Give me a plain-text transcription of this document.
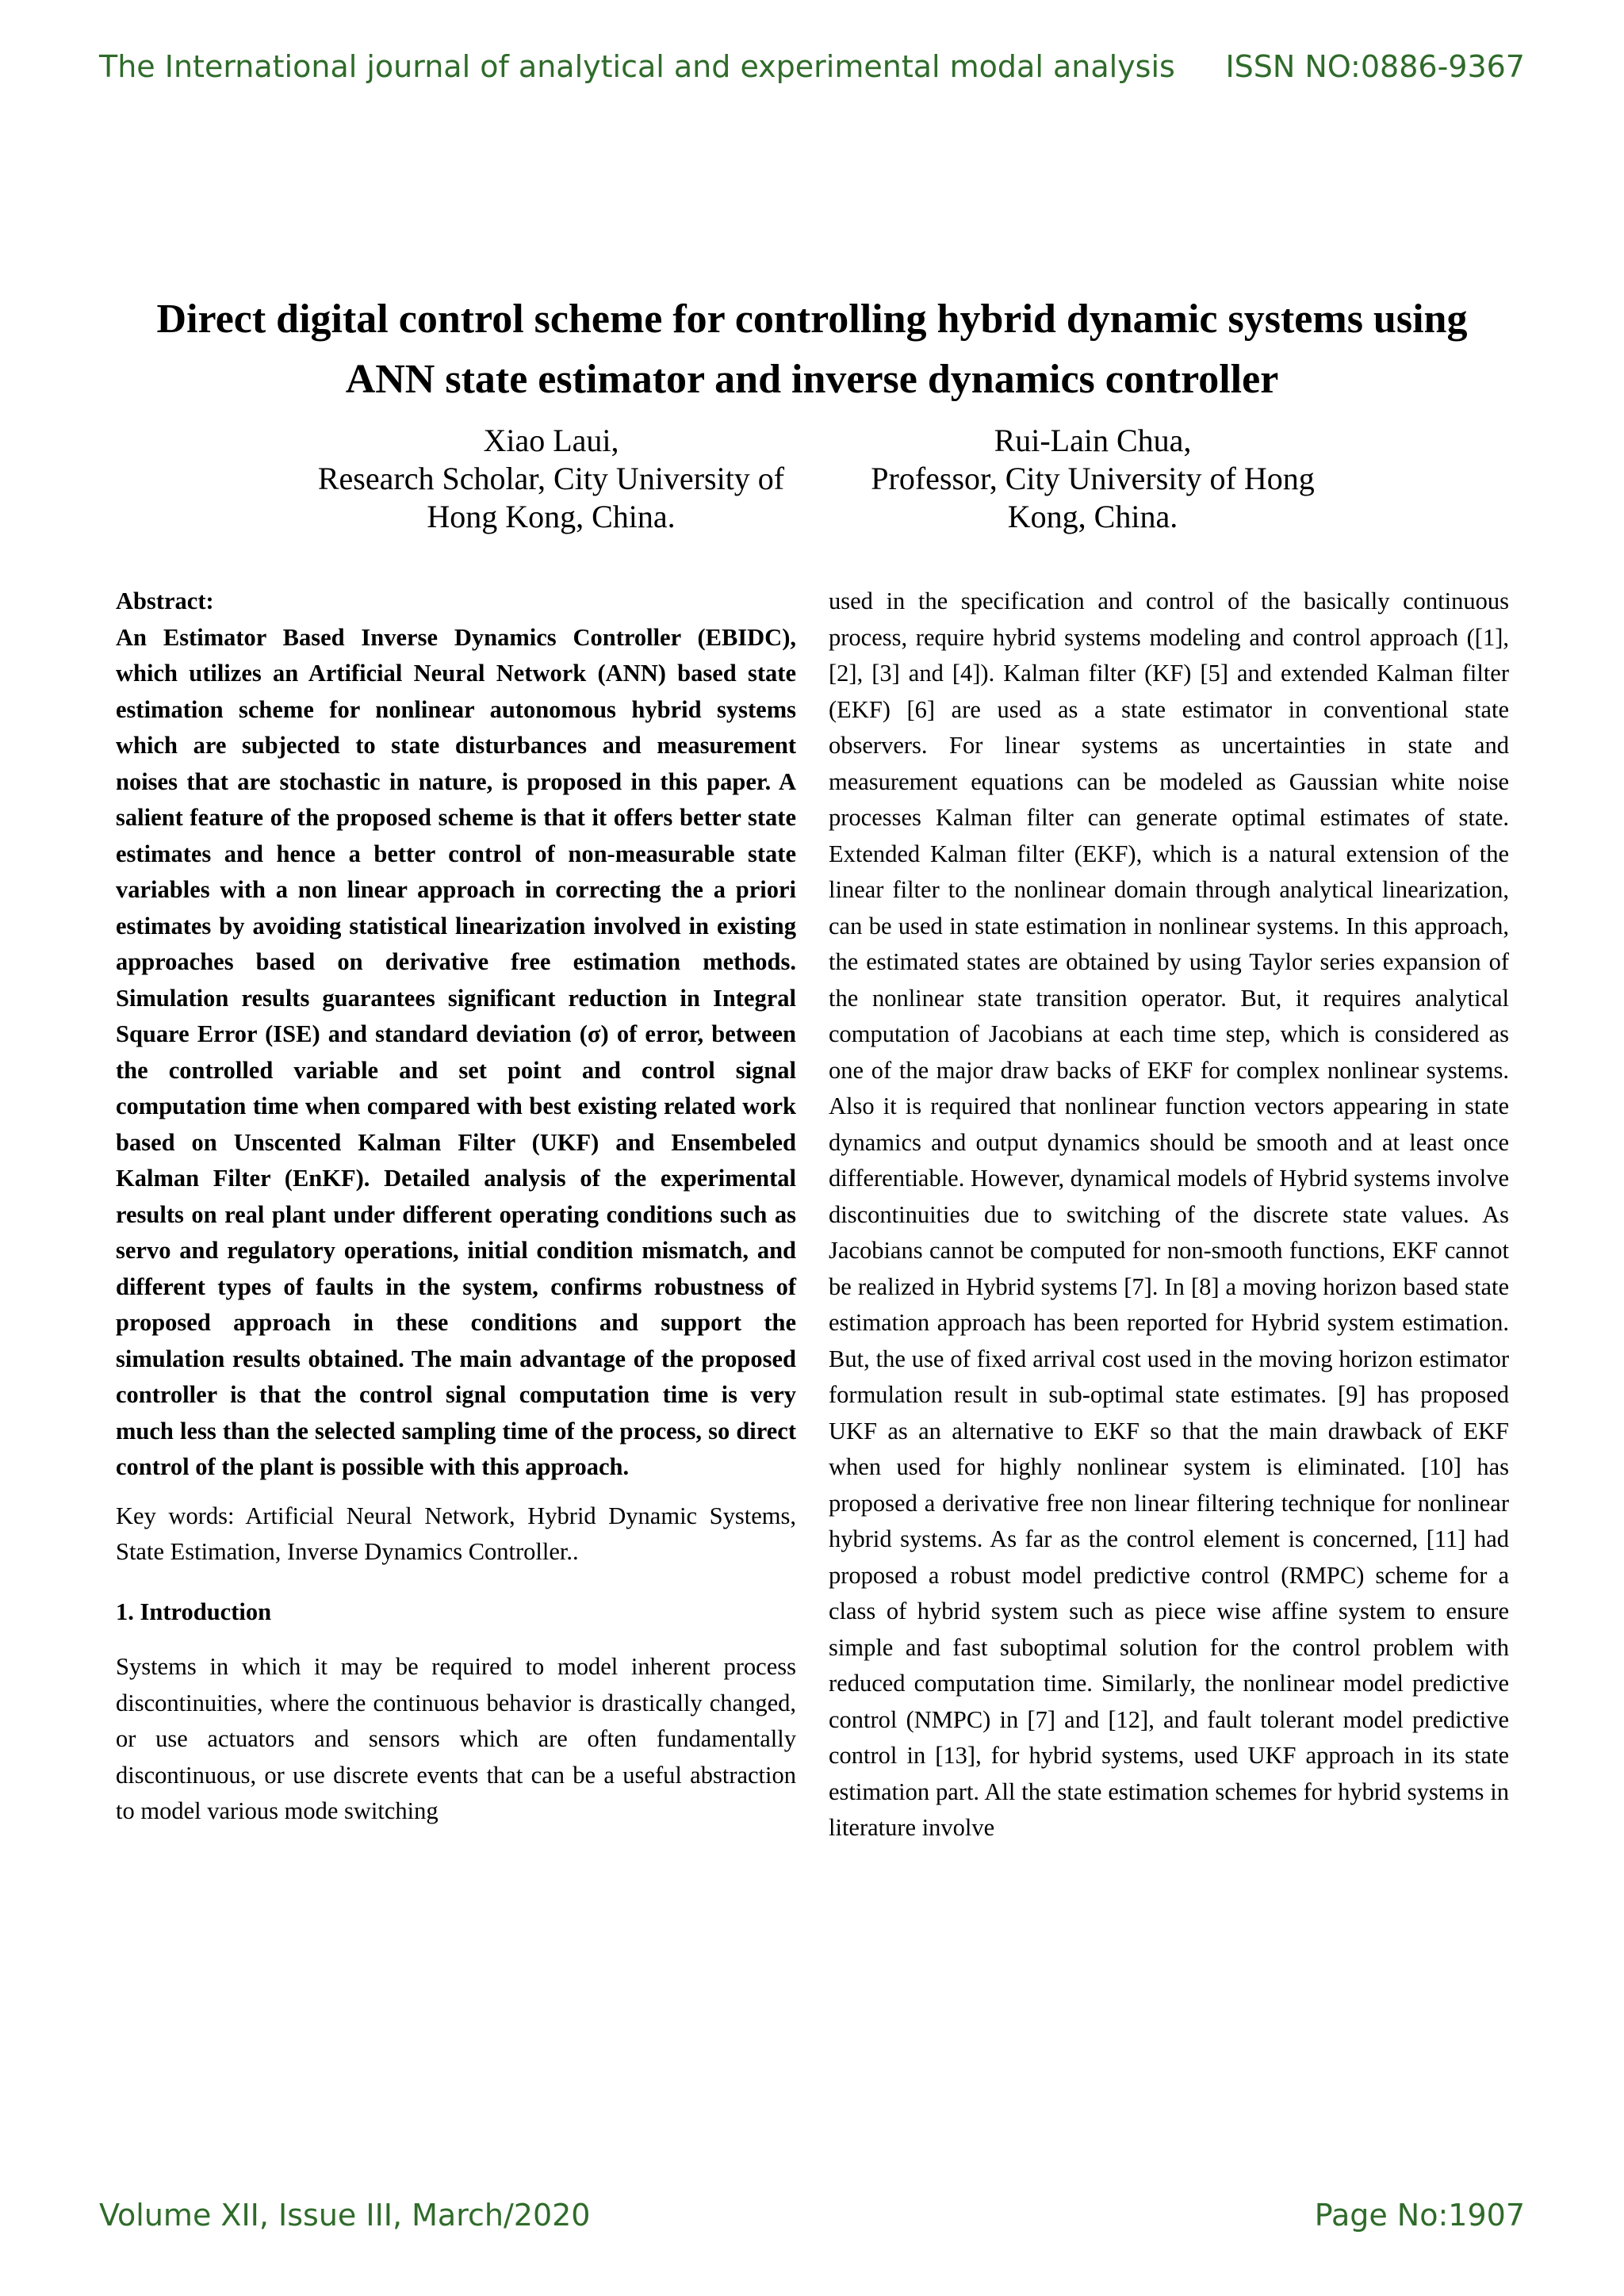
The International journal of analytical and experimental modal analysis ISSN NO:0886-9367
Direct digital control scheme for controlling hybrid dynamic systems using
ANN state estimator and inverse dynamics controller
Xiao Laui,
Research Scholar, City University of
Hong Kong, China.
Rui-Lain Chua,
Professor, City University of Hong
Kong, China.

Abstract:

An Estimator Based Inverse Dynamics Controller (EBIDC), which utilizes an Artificial Neural Network (ANN) based state estimation scheme for nonlinear autonomous hybrid systems which are subjected to state disturbances and measurement noises that are stochastic in nature, is proposed in this paper. A salient feature of the proposed scheme is that it offers better state estimates and hence a better control of non-measurable state variables with a non linear approach in correcting the a priori estimates by avoiding statistical linearization involved in existing approaches based on derivative free estimation methods. Simulation results guarantees significant reduction in Integral Square Error (ISE) and standard deviation (σ) of error, between the controlled variable and set point and control signal computation time when compared with best existing related work based on Unscented Kalman Filter (UKF) and Ensembeled Kalman Filter (EnKF). Detailed analysis of the experimental results on real plant under different operating conditions such as servo and regulatory operations, initial condition mismatch, and different types of faults in the system, confirms robustness of proposed approach in these conditions and support the simulation results obtained. The main advantage of the proposed controller is that the control signal computation time is very much less than the selected sampling time of the process, so direct control of the plant is possible with this approach.

Key words: Artificial Neural Network, Hybrid Dynamic Systems, State Estimation, Inverse Dynamics Controller..

1. Introduction

Systems in which it may be required to model inherent process discontinuities, where the continuous behavior is drastically changed, or use actuators and sensors which are often fundamentally discontinuous, or use discrete events that can be a useful abstraction to model various mode switching

used in the specification and control of the basically continuous process, require hybrid systems modeling and control approach ([1], [2], [3] and [4]). Kalman filter (KF) [5] and extended Kalman filter (EKF) [6] are used as a state estimator in conventional state observers. For linear systems as uncertainties in state and measurement equations can be modeled as Gaussian white noise processes Kalman filter can generate optimal estimates of state. Extended Kalman filter (EKF), which is a natural extension of the linear filter to the nonlinear domain through analytical linearization, can be used in state estimation in nonlinear systems. In this approach, the estimated states are obtained by using Taylor series expansion of the nonlinear state transition operator. But, it requires analytical computation of Jacobians at each time step, which is considered as one of the major draw backs of EKF for complex nonlinear systems. Also it is required that nonlinear function vectors appearing in state dynamics and output dynamics should be smooth and at least once differentiable. However, dynamical models of Hybrid systems involve discontinuities due to switching of the discrete state values. As Jacobians cannot be computed for non-smooth functions, EKF cannot be realized in Hybrid systems [7]. In [8] a moving horizon based state estimation approach has been reported for Hybrid system estimation. But, the use of fixed arrival cost used in the moving horizon estimator formulation result in sub-optimal state estimates. [9] has proposed UKF as an alternative to EKF so that the main drawback of EKF when used for highly nonlinear system is eliminated. [10] has proposed a derivative free non linear filtering technique for nonlinear hybrid systems. As far as the control element is concerned, [11] had proposed a robust model predictive control (RMPC) scheme for a class of hybrid system such as piece wise affine system to ensure simple and fast suboptimal solution for the control problem with reduced computation time. Similarly, the nonlinear model predictive control (NMPC) in [7] and [12], and fault tolerant model predictive control in [13], for hybrid systems, used UKF approach in its state estimation part. All the state estimation schemes for hybrid systems in literature involve

Volume XII, Issue III, March/2020	Page No:1907
